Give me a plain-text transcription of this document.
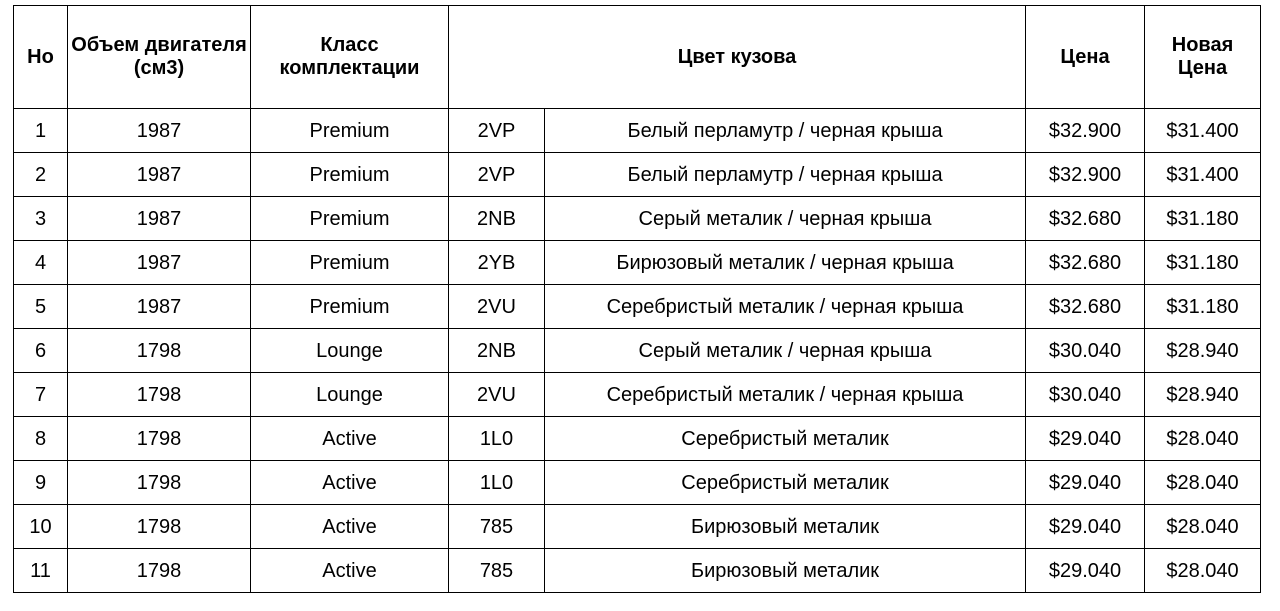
Но	Объем двигателя (см3)	Класс комплектации	Цвет кузова		Цена	Новая Цена
1	1987	Premium	2VP	Белый перламутр / черная крыша	$32.900	$31.400
2	1987	Premium	2VP	Белый перламутр / черная крыша	$32.900	$31.400
3	1987	Premium	2NB	Серый металик / черная крыша	$32.680	$31.180
4	1987	Premium	2YB	Бирюзовый металик / черная крыша	$32.680	$31.180
5	1987	Premium	2VU	Серебристый металик / черная крыша	$32.680	$31.180
6	1798	Lounge	2NB	Серый металик / черная крыша	$30.040	$28.940
7	1798	Lounge	2VU	Серебристый металик / черная крыша	$30.040	$28.940
8	1798	Active	1L0	Серебристый металик	$29.040	$28.040
9	1798	Active	1L0	Серебристый металик	$29.040	$28.040
10	1798	Active	785	Бирюзовый металик	$29.040	$28.040
11	1798	Active	785	Бирюзовый металик	$29.040	$28.040
